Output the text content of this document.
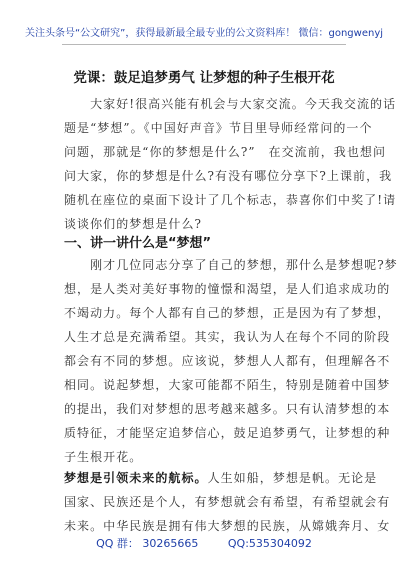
关注头条号“公文研究”，获得最新最全最专业的公文资料库！ 微信：gongwenyj
党课：鼓足追梦勇气 让梦想的种子生根开花
　　大家好!很高兴能有机会与大家交流。今天我交流的话
题是“梦想”。《中国好声音》节目里导师经常问的一个
问题，那就是“你的梦想是什么?”　在交流前，我也想问
问大家，你的梦想是什么?有没有哪位分享下?上课前，我
随机在座位的桌面下设计了几个标志，恭喜你们中奖了!请
谈谈你们的梦想是什么?
一、讲一讲什么是“梦想”
　　刚才几位同志分享了自己的梦想，那什么是梦想呢?梦
想，是人类对美好事物的憧憬和渴望，是人们追求成功的
不竭动力。每个人都有自己的梦想，正是因为有了梦想，
人生才总是充满希望。其实，我认为人在每个不同的阶段
都会有不同的梦想。应该说，梦想人人都有，但理解各不
相同。说起梦想，大家可能都不陌生，特别是随着中国梦
的提出，我们对梦想的思考越来越多。只有认清梦想的本
质特征，才能坚定追梦信心，鼓足追梦勇气，让梦想的种
子生根开花。
梦想是引领未来的航标。人生如船，梦想是帆。无论是
国家、民族还是个人，有梦想就会有希望，有希望就会有
未来。中华民族是拥有伟大梦想的民族，从嫦娥奔月、女
QQ 群： 30265665	QQ:535304092
